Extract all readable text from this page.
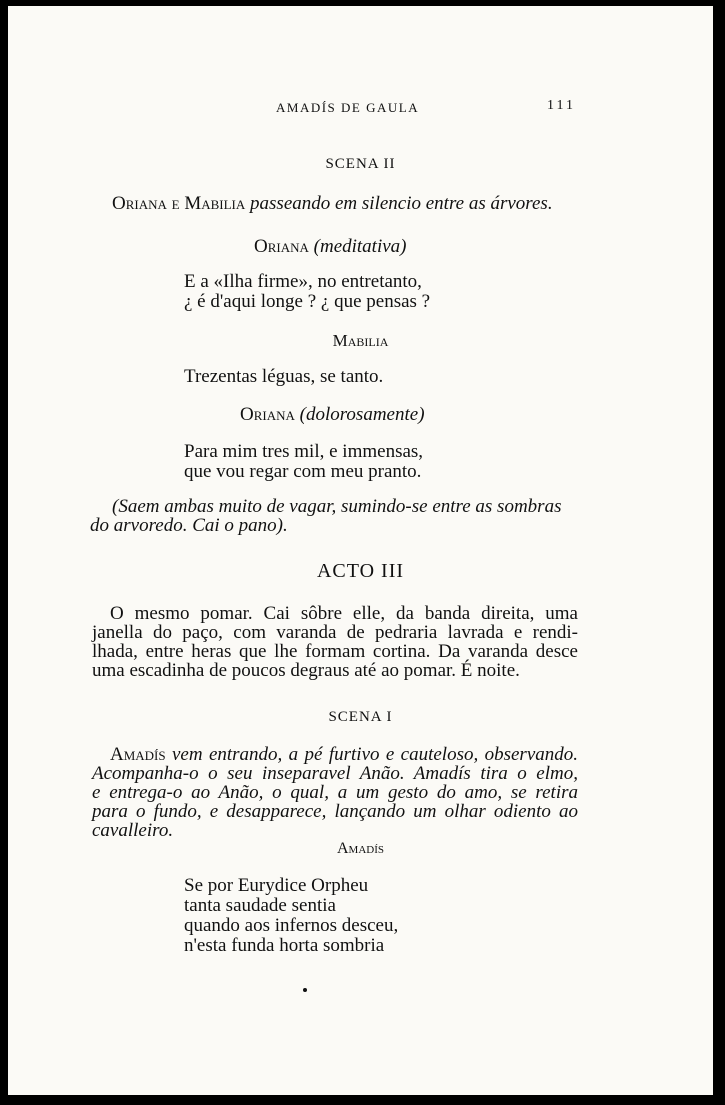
AMADÍS DE GAULA	111
SCENA II
Oriana e Mabilia passeando em silencio entre as árvores.
Oriana (meditativa)
E a «Ilha firme», no entretanto,
¿ é d'aqui longe ? ¿ que pensas ?
Mabilia
Trezentas léguas, se tanto.
Oriana (dolorosamente)
Para mim tres mil, e immensas,
que vou regar com meu pranto.
(Saem ambas muito de vagar, sumindo-se entre as sombras
do arvoredo. Cai o pano).
ACTO III
O mesmo pomar. Cai sôbre elle, da banda direita, uma
janella do paço, com varanda de pedraria lavrada e rendi-
lhada, entre heras que lhe formam cortina. Da varanda desce
uma escadinha de poucos degraus até ao pomar. É noite.
SCENA I
Amadís vem entrando, a pé furtivo e cauteloso, observando.
Acompanha-o o seu inseparavel Anão. Amadís tira o elmo,
e entrega-o ao Anão, o qual, a um gesto do amo, se retira
para o fundo, e desapparece, lançando um olhar odiento ao
cavalleiro.
Amadís
Se por Eurydice Orpheu
tanta saudade sentia
quando aos infernos desceu,
n'esta funda horta sombria
